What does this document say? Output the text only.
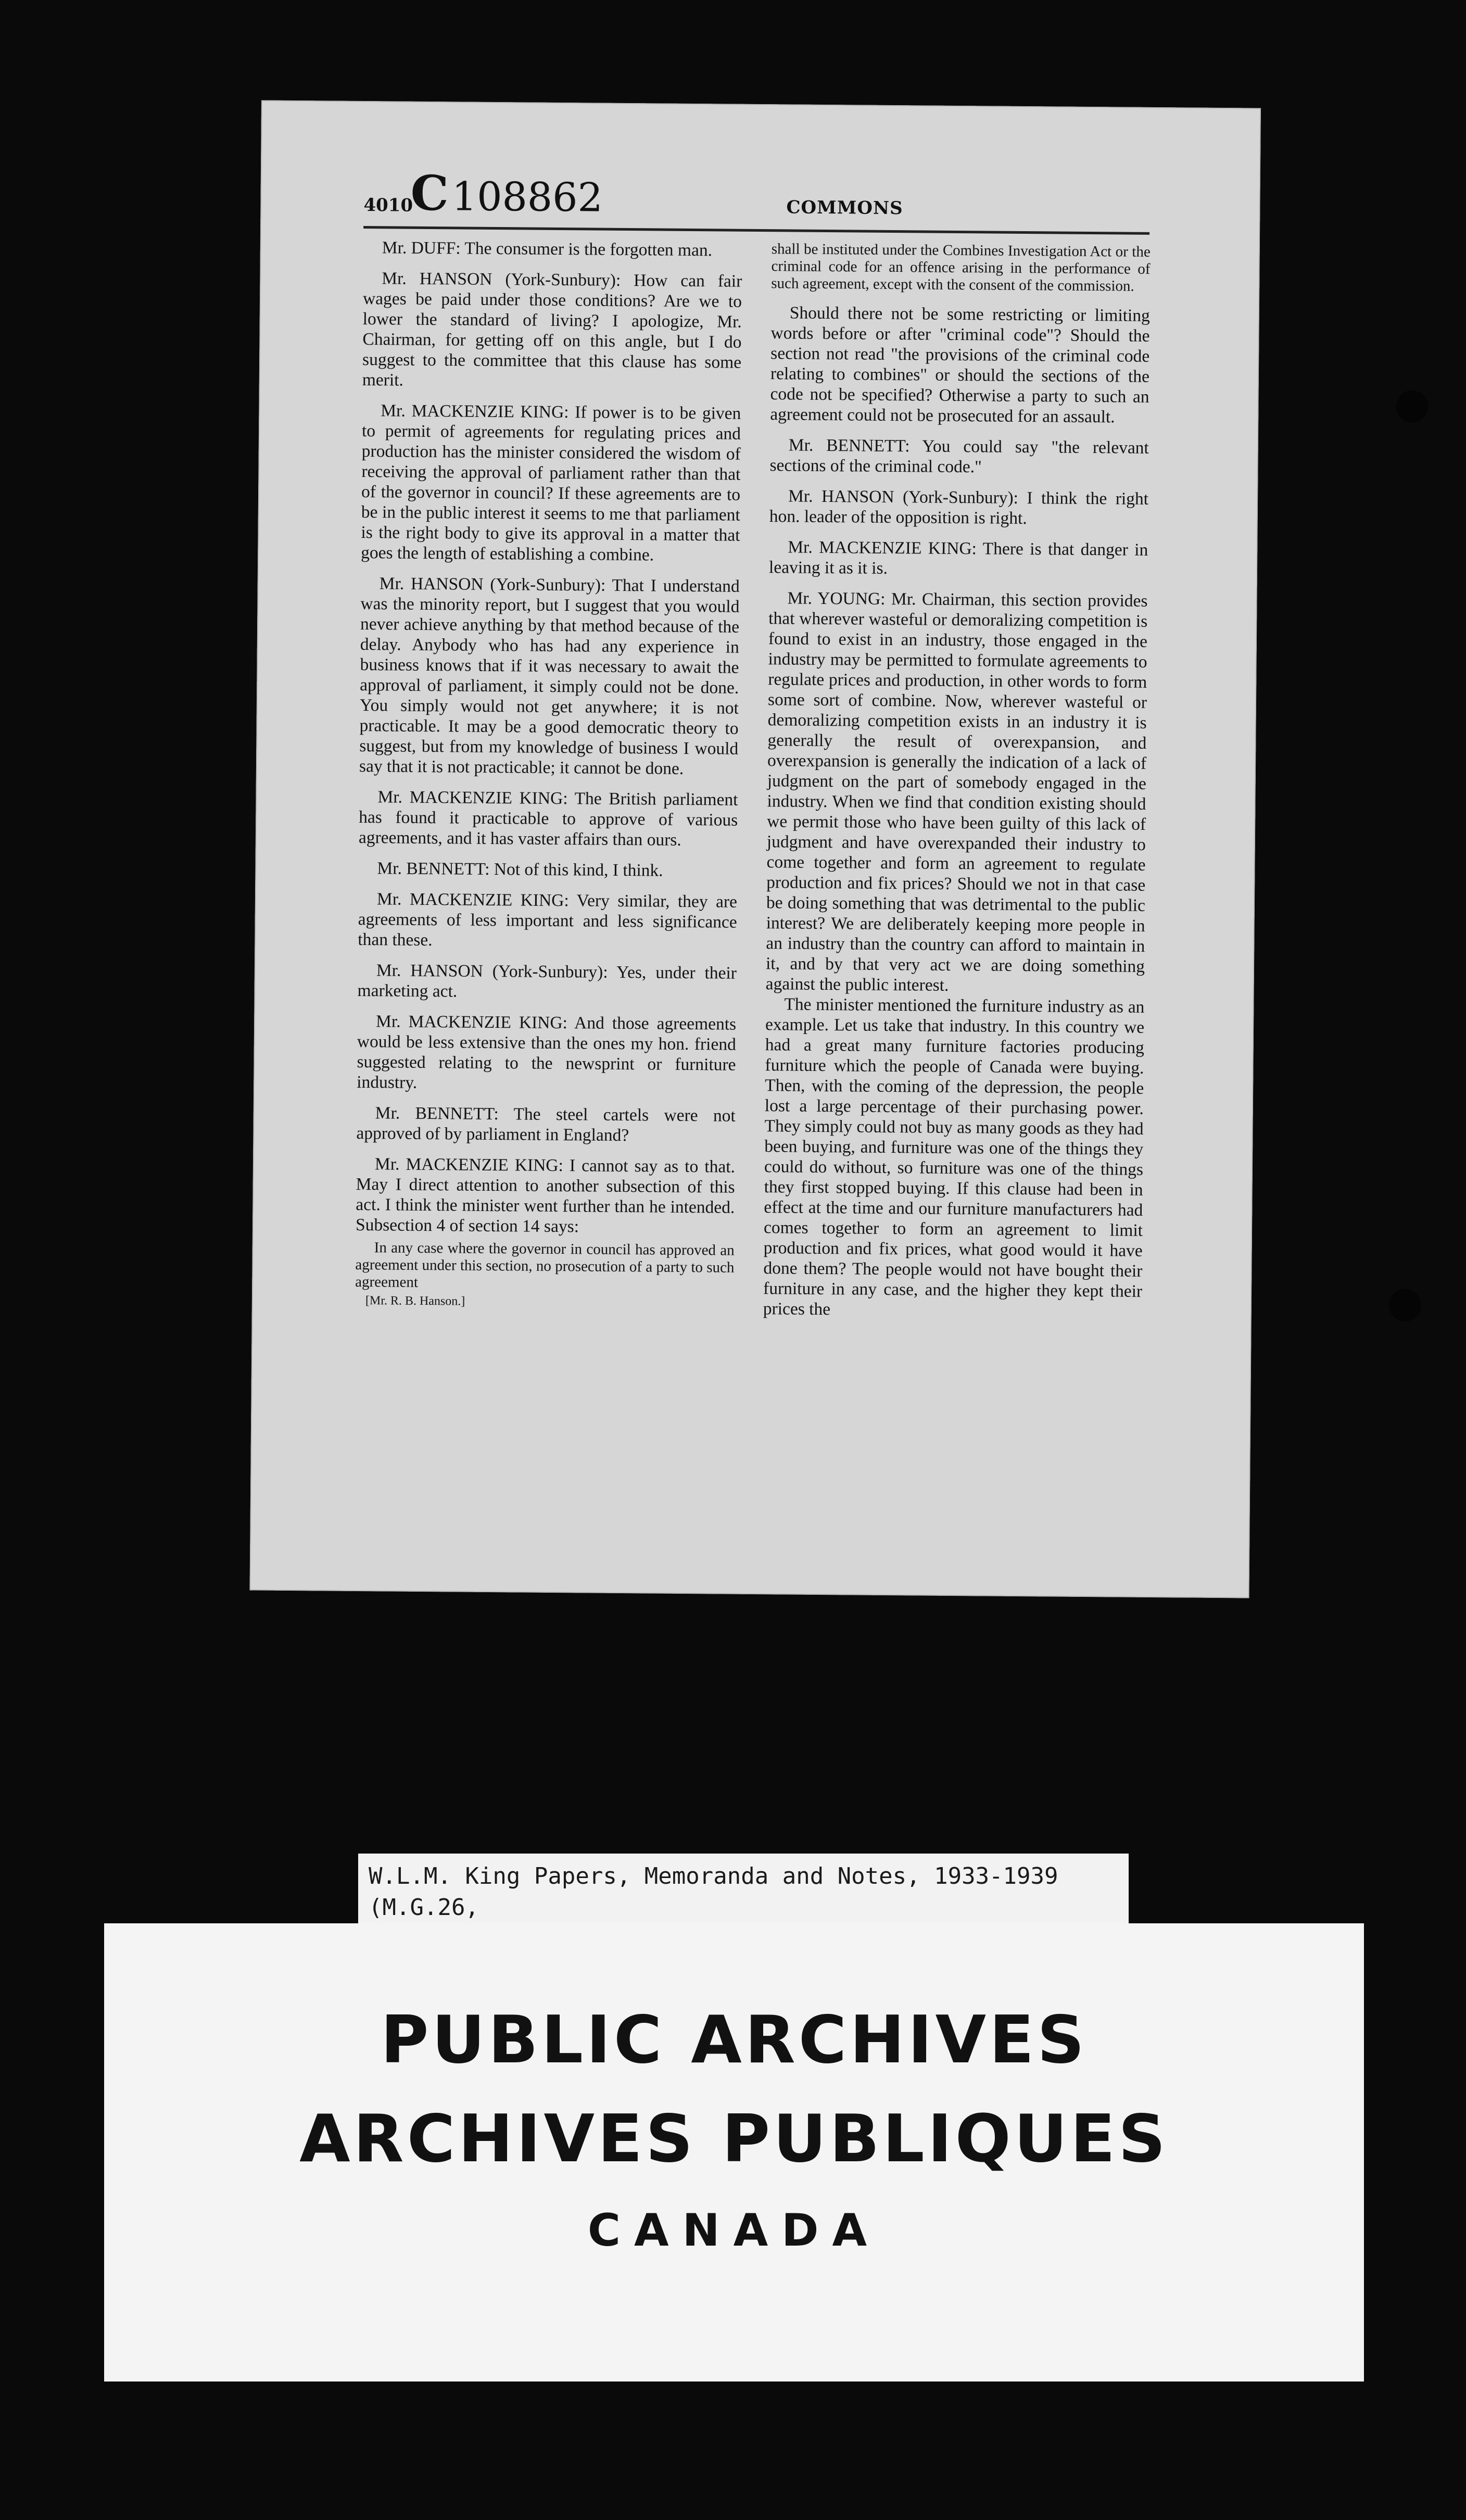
4010
C108862	COMMONS

Mr. DUFF: The consumer is the forgotten man.

Mr. HANSON (York-Sunbury): How can fair wages be paid under those conditions? Are we to lower the standard of living? I apologize, Mr. Chairman, for getting off on this angle, but I do suggest to the committee that this clause has some merit.

Mr. MACKENZIE KING: If power is to be given to permit of agreements for regulating prices and production has the minister considered the wisdom of receiving the approval of parliament rather than that of the governor in council? If these agreements are to be in the public interest it seems to me that parliament is the right body to give its approval in a matter that goes the length of establishing a combine.

Mr. HANSON (York-Sunbury): That I understand was the minority report, but I suggest that you would never achieve anything by that method because of the delay. Anybody who has had any experience in business knows that if it was necessary to await the approval of parliament, it simply could not be done. You simply would not get anywhere; it is not practicable. It may be a good democratic theory to suggest, but from my knowledge of business I would say that it is not practicable; it cannot be done.

Mr. MACKENZIE KING: The British parliament has found it practicable to approve of various agreements, and it has vaster affairs than ours.

Mr. BENNETT: Not of this kind, I think.

Mr. MACKENZIE KING: Very similar, they are agreements of less important and less significance than these.

Mr. HANSON (York-Sunbury): Yes, under their marketing act.

Mr. MACKENZIE KING: And those agreements would be less extensive than the ones my hon. friend suggested relating to the newsprint or furniture industry.

Mr. BENNETT: The steel cartels were not approved of by parliament in England?

Mr. MACKENZIE KING: I cannot say as to that. May I direct attention to another subsection of this act. I think the minister went further than he intended. Subsection 4 of section 14 says:

In any case where the governor in council has approved an agreement under this section, no prosecution of a party to such agreement

[Mr. R. B. Hanson.]

shall be instituted under the Combines Investigation Act or the criminal code for an offence arising in the performance of such agreement, except with the consent of the commission.

Should there not be some restricting or limiting words before or after "criminal code"? Should the section not read "the provisions of the criminal code relating to combines" or should the sections of the code not be specified? Otherwise a party to such an agreement could not be prosecuted for an assault.

Mr. BENNETT: You could say "the relevant sections of the criminal code."

Mr. HANSON (York-Sunbury): I think the right hon. leader of the opposition is right.

Mr. MACKENZIE KING: There is that danger in leaving it as it is.

Mr. YOUNG: Mr. Chairman, this section provides that wherever wasteful or demoralizing competition is found to exist in an industry, those engaged in the industry may be permitted to formulate agreements to regulate prices and production, in other words to form some sort of combine. Now, wherever wasteful or demoralizing competition exists in an industry it is generally the result of overexpansion, and overexpansion is generally the indication of a lack of judgment on the part of somebody engaged in the industry. When we find that condition existing should we permit those who have been guilty of this lack of judgment and have overexpanded their industry to come together and form an agreement to regulate production and fix prices? Should we not in that case be doing something that was detrimental to the public interest? We are deliberately keeping more people in an industry than the country can afford to maintain in it, and by that very act we are doing something against the public interest.

The minister mentioned the furniture industry as an example. Let us take that industry. In this country we had a great many furniture factories producing furniture which the people of Canada were buying. Then, with the coming of the depression, the people lost a large percentage of their purchasing power. They simply could not buy as many goods as they had been buying, and furniture was one of the things they could do without, so furniture was one of the things they first stopped buying. If this clause had been in effect at the time and our furniture manufacturers had comes together to form an agreement to limit production and fix prices, what good would it have done them? The people would not have bought their furniture in any case, and the higher they kept their prices the

W.L.M. King Papers, Memoranda and Notes, 1933-1939 (M.G.26,
PUBLIC ARCHIVES
ARCHIVES PUBLIQUES
CANADA
